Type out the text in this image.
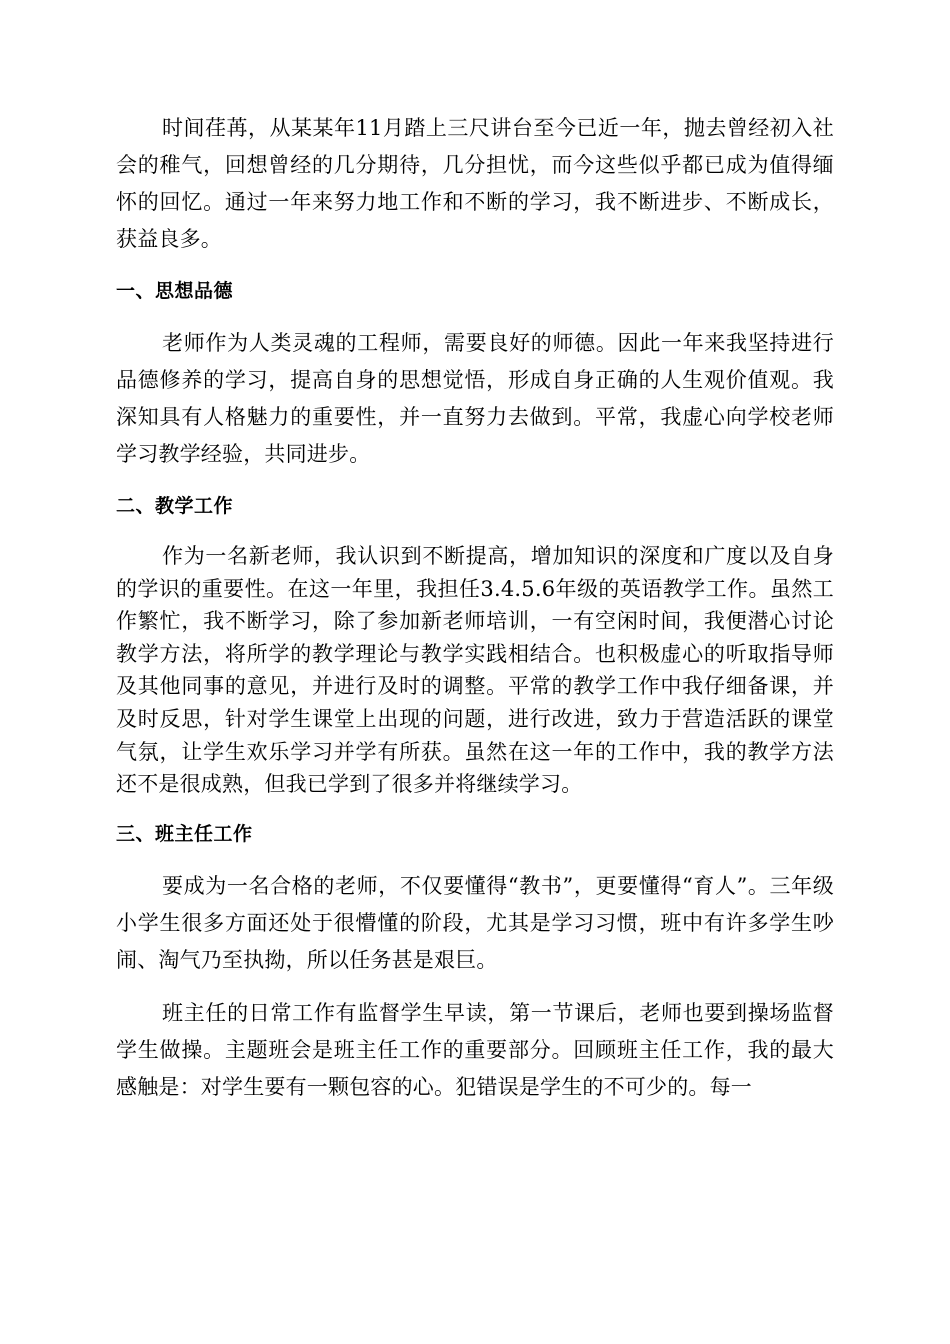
时间荏苒，从某某年11月踏上三尺讲台至今已近一年，抛去曾经初入社会的稚气，回想曾经的几分期待，几分担忧，而今这些似乎都已成为值得缅怀的回忆。通过一年来努力地工作和不断的学习，我不断进步、不断成长，获益良多。

一、思想品德

老师作为人类灵魂的工程师，需要良好的师德。因此一年来我坚持进行品德修养的学习，提高自身的思想觉悟，形成自身正确的人生观价值观。我深知具有人格魅力的重要性，并一直努力去做到。平常，我虚心向学校老师学习教学经验，共同进步。

二、教学工作

作为一名新老师，我认识到不断提高，增加知识的深度和广度以及自身的学识的重要性。在这一年里，我担任3.4.5.6年级的英语教学工作。虽然工作繁忙，我不断学习，除了参加新老师培训，一有空闲时间，我便潜心讨论教学方法，将所学的教学理论与教学实践相结合。也积极虚心的听取指导师及其他同事的意见，并进行及时的调整。平常的教学工作中我仔细备课，并及时反思，针对学生课堂上出现的问题，进行改进，致力于营造活跃的课堂气氛，让学生欢乐学习并学有所获。虽然在这一年的工作中，我的教学方法还不是很成熟，但我已学到了很多并将继续学习。

三、班主任工作

要成为一名合格的老师，不仅要懂得“教书”，更要懂得“育人”。三年级小学生很多方面还处于很懵懂的阶段，尤其是学习习惯，班中有许多学生吵闹、淘气乃至执拗，所以任务甚是艰巨。

班主任的日常工作有监督学生早读，第一节课后，老师也要到操场监督学生做操。主题班会是班主任工作的重要部分。回顾班主任工作，我的最大感触是：对学生要有一颗包容的心。犯错误是学生的不可少的。每一
